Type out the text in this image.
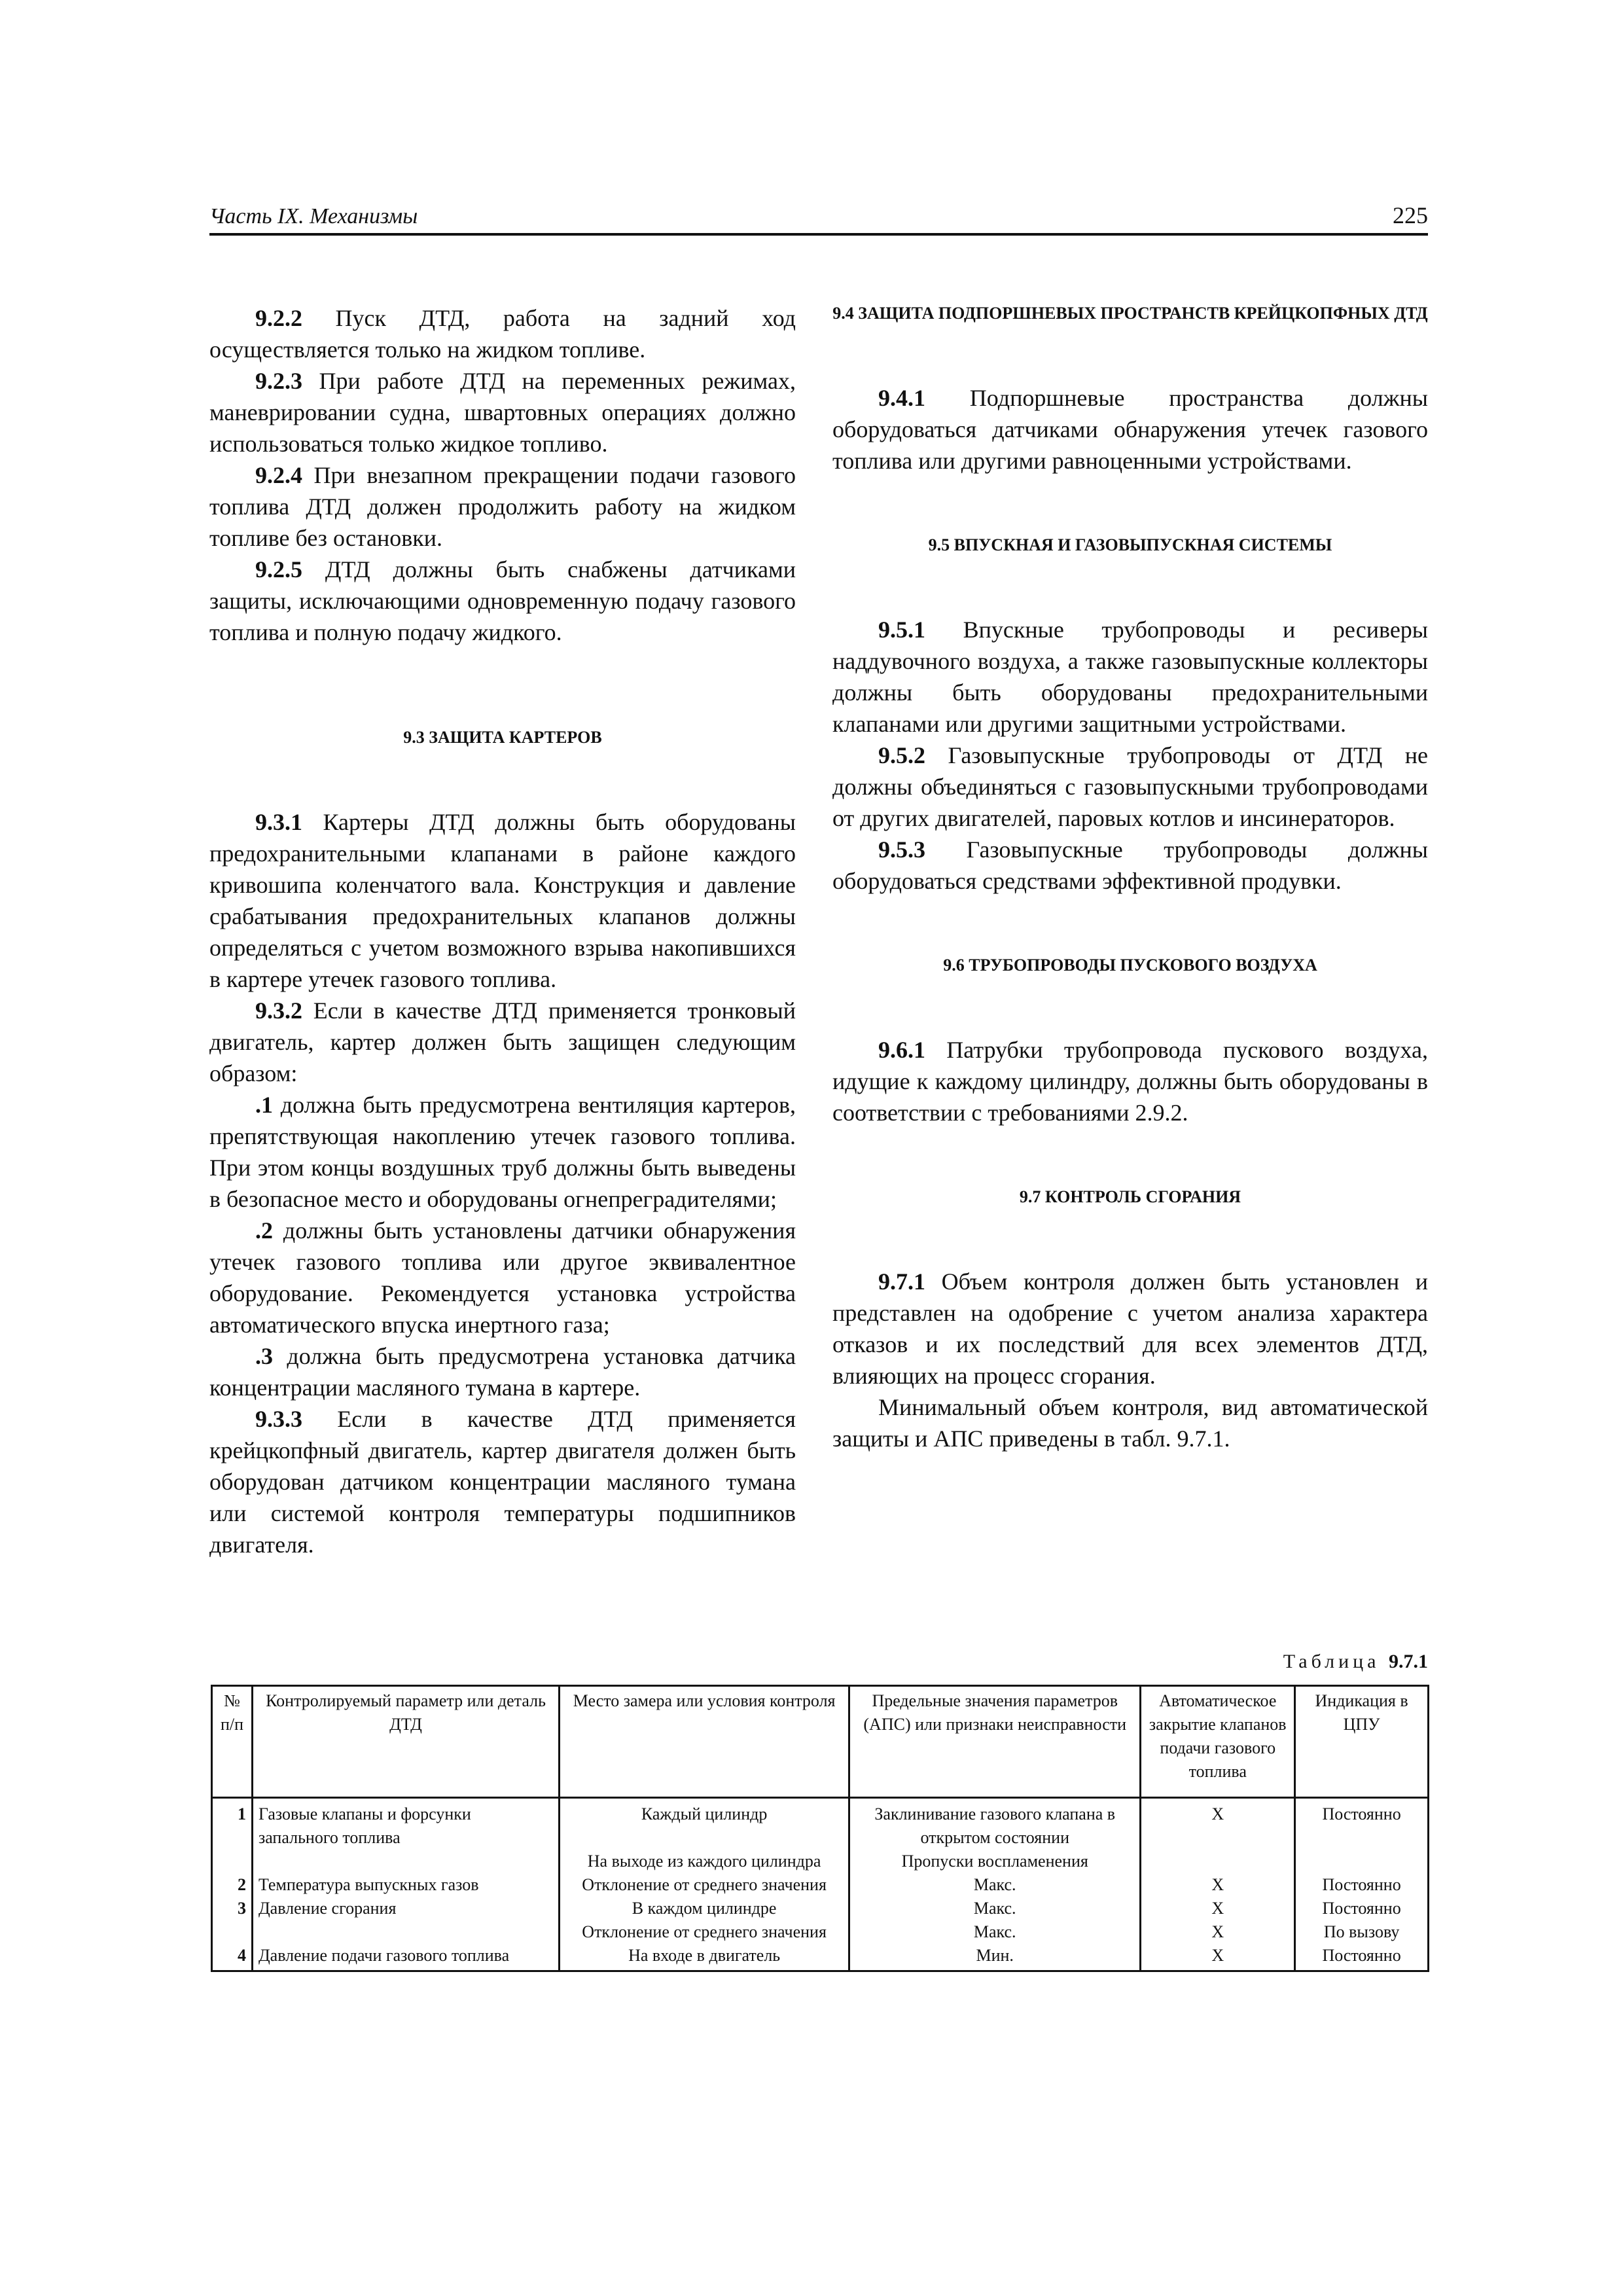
Часть IX. Механизмы	225

9.2.2 Пуск ДТД, работа на задний ход осуществляется только на жидком топливе.

9.2.3 При работе ДТД на переменных режимах, маневрировании судна, швартовных операциях должно использоваться только жидкое топливо.

9.2.4 При внезапном прекращении подачи газового топлива ДТД должен продолжить работу на жидком топливе без остановки.

9.2.5 ДТД должны быть снабжены датчиками защиты, исключающими одновременную подачу газового топлива и полную подачу жидкого.

9.3 ЗАЩИТА КАРТЕРОВ

9.3.1 Картеры ДТД должны быть оборудованы предохранительными клапанами в районе каждого кривошипа коленчатого вала. Конструкция и давление срабатывания предохранительных клапанов должны определяться с учетом возможного взрыва накопившихся в картере утечек газового топлива.

9.3.2 Если в качестве ДТД применяется тронковый двигатель, картер должен быть защищен следующим образом:

.1 должна быть предусмотрена вентиляция картеров, препятствующая накоплению утечек газового топлива. При этом концы воздушных труб должны быть выведены в безопасное место и оборудованы огнепреградителями;

.2 должны быть установлены датчики обнаружения утечек газового топлива или другое эквивалентное оборудование. Рекомендуется установка устройства автоматического впуска инертного газа;

.3 должна быть предусмотрена установка датчика концентрации масляного тумана в картере.

9.3.3 Если в качестве ДТД применяется крейцкопфный двигатель, картер двигателя должен быть оборудован датчиком концентрации масляного тумана или системой контроля температуры подшипников двигателя.

9.4 ЗАЩИТА ПОДПОРШНЕВЫХ ПРОСТРАНСТВ КРЕЙЦКОПФНЫХ ДТД

9.4.1 Подпоршневые пространства должны оборудоваться датчиками обнаружения утечек газового топлива или другими равноценными устройствами.

9.5 ВПУСКНАЯ И ГАЗОВЫПУСКНАЯ СИСТЕМЫ

9.5.1 Впускные трубопроводы и ресиверы наддувочного воздуха, а также газовыпускные коллекторы должны быть оборудованы предохранительными клапанами или другими защитными устройствами.

9.5.2 Газовыпускные трубопроводы от ДТД не должны объединяться с газовыпускными трубопроводами от других двигателей, паровых котлов и инсинераторов.

9.5.3 Газовыпускные трубопроводы должны оборудоваться средствами эффективной продувки.

9.6 ТРУБОПРОВОДЫ ПУСКОВОГО ВОЗДУХА

9.6.1 Патрубки трубопровода пускового воздуха, идущие к каждому цилиндру, должны быть оборудованы в соответствии с требованиями 2.9.2.

9.7 КОНТРОЛЬ СГОРАНИЯ

9.7.1 Объем контроля должен быть установлен и представлен на одобрение с учетом анализа характера отказов и их последствий для всех элементов ДТД, влияющих на процесс сгорания.

Минимальный объем контроля, вид автоматической защиты и АПС приведены в табл. 9.7.1.

Таблица 9.7.1
№ п/п	Контролируемый параметр или деталь ДТД	Место замера или условия контроля	Предельные значения параметров (АПС) или признаки неисправности	Автоматическое закрытие клапанов подачи газового топлива	Индикация в ЦПУ
1	Газовые клапаны и форсунки запального топлива	Каждый цилиндр	Заклинивание газового клапана в открытом состоянии	X	Постоянно
		На выходе из каждого цилиндра	Пропуски воспламенения		
2	Температура выпускных газов	Отклонение от среднего значения	Макс.	X	Постоянно
3	Давление сгорания	В каждом цилиндре	Макс.	X	Постоянно
		Отклонение от среднего значения	Макс.	X	По вызову
4	Давление подачи газового топлива	На входе в двигатель	Мин.	X	Постоянно
